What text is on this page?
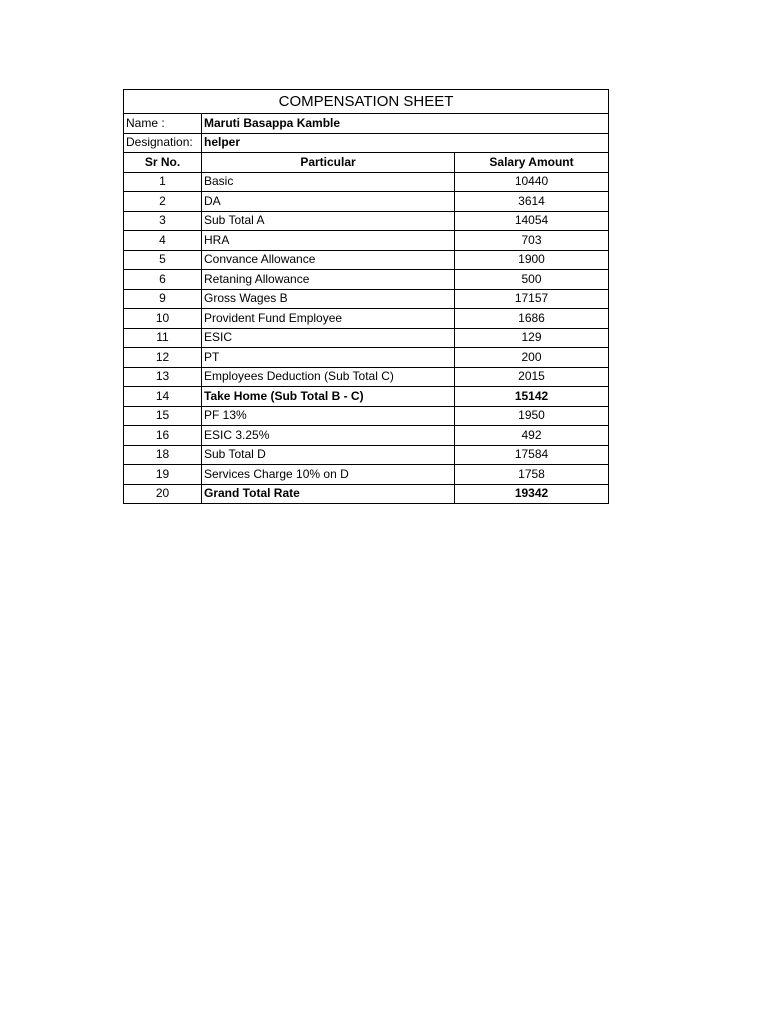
COMPENSATION SHEET		
Name :	Maruti Basappa Kamble	
Designation:	helper	
Sr No.	Particular	Salary Amount
1	Basic	10440
2	DA	3614
3	Sub Total A	14054
4	HRA	703
5	Convance Allowance	1900
6	Retaning Allowance	500
9	Gross Wages B	17157
10	Provident Fund Employee	1686
11	ESIC	129
12	PT	200
13	Employees Deduction (Sub Total C)	2015
14	Take Home (Sub Total B - C)	15142
15	PF 13%	1950
16	ESIC 3.25%	492
18	Sub Total D	17584
19	Services Charge 10% on D	1758
20	Grand Total Rate	19342
